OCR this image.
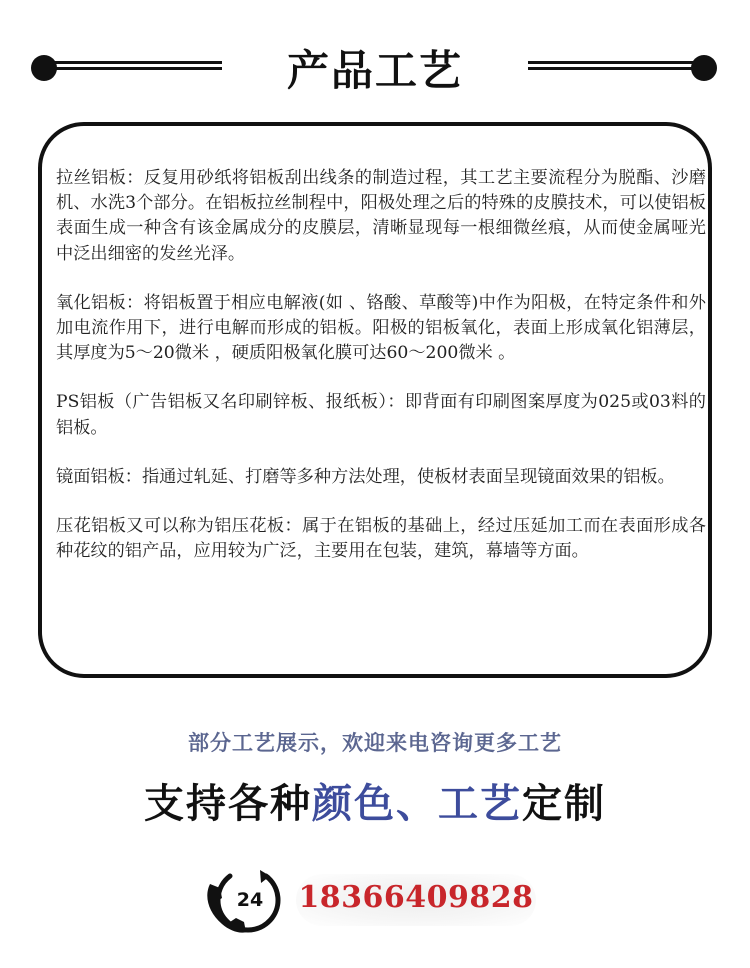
产品工艺

拉丝铝板：反复用砂纸将铝板刮出线条的制造过程，其工艺主要流程分为脱酯、沙磨机、水洗3个部分。在铝板拉丝制程中，阳极处理之后的特殊的皮膜技术，可以使铝板表面生成一种含有该金属成分的皮膜层，清晰显现每一根细微丝痕，从而使金属哑光中泛出细密的发丝光泽。

氧化铝板：将铝板置于相应电解液(如 、铬酸、草酸等)中作为阳极，在特定条件和外加电流作用下，进行电解而形成的铝板。阳极的铝板氧化，表面上形成氧化铝薄层，其厚度为5～20微米 ，硬质阳极氧化膜可达60～200微米 。

PS铝板（广告铝板又名印刷锌板、报纸板）：即背面有印刷图案厚度为025或03料的铝板。

镜面铝板：指通过轧延、打磨等多种方法处理，使板材表面呈现镜面效果的铝板。

压花铝板又可以称为铝压花板：属于在铝板的基础上，经过压延加工而在表面形成各种花纹的铝产品，应用较为广泛，主要用在包装，建筑，幕墙等方面。

部分工艺展示，欢迎来电咨询更多工艺
支持各种颜色、工艺定制
24 18366409828
